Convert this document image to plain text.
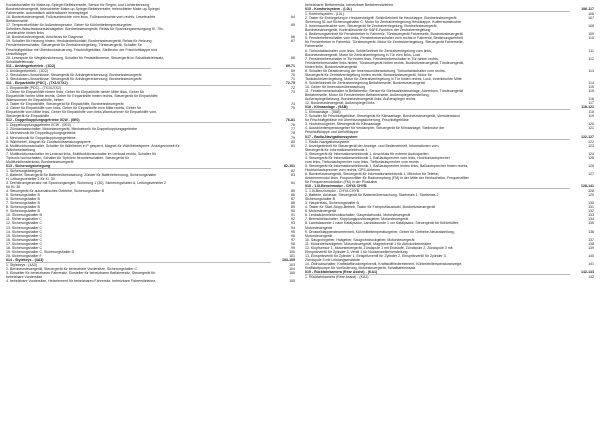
Kontaktschalter für Make-up-Spiegel Beifahrerseite, Sensor für Regen- und Lichterkennung
Bordnetzsteuergerät, beleuchteter Make-up-Spiegel Beifahrerseite, beleuchteter Make-up-Spiegel
Fahrerseite, automatisch abblendbarer Innenspiegel
16. Bordnetzsteuergerät, Fußraumleuchte vorn links, Fußraumleuchte vorn rechts, Leseleuchte	64
Beifahrerseite
17. Temperaturfühler für Außentemperatur, Geber für Kühlmitteltemperaturgeber,	65
Scheiben-Waschwasserstandsgeber, Bordnetzsteuergerät, Relais für Spannungsversorgung Kl. 75x,
Leseleuchte hinten links
18. Bordnetzsteuergerät, Anschluss für Diagnose	66
19. Schalter für Heizung hinten, Heckdeckelkontakt, Bordnetzsteuergerät, Relais für Heizung,	67
Fensterheberschalter, Steuergerät für Zentralverriegelung, Türsteuergerät, Schalter für
Frischluftgebläse mit Überdrucksteuerung, Frischluftgebläse, Stellmotor der Frischluftklappe und
Umluftklappe
20. Lesespule für Wegfahrsicherung, Schalter für Feststellbremse, Steuergerät im Schalttafeleinsatz,	68
Schalttafeleinsatz
011 - Anhängerbetrieb - (1D2)	69-71
1. Anhängerbetrieb - (1D2)	69
2. Steckdosen-/Anschlüsse, Steuergerät für Anhängererkennung, Bordnetzsteuergerät	70
3. Steckdosen-/Anschlüsse, Steuergerät für Anhängererkennung, Bordnetzsteuergerät	71
011 - Einparkhilfe (PDC) - (7X1/U7X2)	72-75
1. Einparkhilfe (PDC) - (7X1/U7X2)	72
2. Geber für Einparkhilfe hinten links, Geber für Einparkhilfe hinten Mitte links, Geber für	73
Einparkhilfe hinten Mitte rechts, Geber für Einparkhilfe hinten rechts, Steuergerät für Einparkhilfe,
Warnsummer für Einparkhilfe, hinten
3. Taster für Einparkhilfe, Steuergerät für Einparkhilfe, Bordnetzsteuergerät	74
4. Geber für Einparkhilfe vorn links, Geber für Einparkhilfe vorn Mitte rechts, Geber für	75
Einparkhilfe vorn Mitte links, Geber für Einparkhilfe vorn links,Warnsummer für Einparkhilfe vorn,
Steuergerät für Einparkhilfe
012 - Doppelkupplungsgetriebe 0CW - (0E0)	76-81
1. Doppelkupplungsgetriebe 0CW - (0E0)	76
2. Zündanlassschalter, Motorsteuergerät, Mechatronik für Doppelkupplungsgetriebe	77
3. Mechatronik für Doppelkupplungsgetriebe	78
4. Mechatronik für Doppelkupplungsgetriebe	79
5. Wählhebel, Magnet für Zündschlüsselabzugssperre	80
6. Multifunktionsschalter, Schalter für Wählhebel in P gesperrt, Magnet für Wählhebelsperre, Anzeigeeinheit für	81
Wählhebelstellung
7. Multifunktionsschalter im Lenkrad links, Multifunktionsschalter im Lenkrad rechts, Schalter für
Tiptronic hochschalten, Schalter für Tiptronic herunterschalten, Steuergerät für
Multifunktionslenkrad, Bordnetzsteuergerät
013 - Sicherungsbelegung	82-101
1. Sicherungsbelegung	82
2. Batterie, Steuergerät für Batterieüberwachung, Zünder für Batterietrennung, Sicherungshalter	83
H, Leitungsverteiler 2 für Kl. 30
3. Drehstromgenerator mit Spannungsregler, Sicherung 1 (30), Sicherungshalter A, Leitungsverteiler 2	84
für Kl. 30
4. Steuergerät für automatisches Getriebe, Sicherungshalter B	85
5. Sicherungshalter B	86
6. Sicherungshalter B	87
7. Sicherungshalter B	88
8. Sicherungshalter B	89
9. Sicherungshalter B	90
10. Sicherungshalter B	91
11. Sicherungshalter C	92
12. Sicherungshalter C	93
13. Sicherungshalter C	94
14. Sicherungshalter C	95
15. Sicherungshalter C	96
16. Sicherungshalter C	97
17. Sicherungshalter C	98
18. Sicherungshalter C	99
19. Sicherungshalter C, Sicherungshalter D	100
20. Sicherungshalter F	101
014 - Stylekeys - (4A3)	103-105
1. Stylekeys - (4A3)	103
2. Bordnetzsteuergerät, Steuergerät für beheizbare Vordersitze, Sicherungshalter C	104
3. Einsteller für beheizbaren Fahrersitz, Einsteller für beheizbaren Beifahrersitz, Steuergerät für	105
beheizbare Vordersitze
4. beheizbare Vordersitze, Heizelement für beheizbaren Fahrersitz, beheizbare Fahrersitzlehne,	105
beheizbarer Beifahrersitz, beheizbare Beifahrersitzlehne
015 - Komfortsystem - (L0L)	106-117
1. Komfortsystem - (L0L)	106
2. Taster für Entriegelung in Heckdeckelgriff, Schließeinheit für Heckklappe, Bordnetzsteuergerät	107
Sicherung 51 auf Sicherungshalter C, Motor für Zentralverriegelung Heckklappe, Kofferraumleuchte
3. Innenraumleuchte vorn, Steuergerät für Zentralverriegelung, Bordnetzsteuergerät,	108
Bordnetzsteuergerät, Kontrollleuchte für SAFE-Funktion der Zentralverriegelung
4. Bedienungseinheit für Fensterheber in Fahrertür, Türsteuergerät Fahrerseite, Bordnetzsteuergerät	109
5. Fensterheberschalter vorn links, Fensterheberschalter vorn rechts in Fahrertür, Bedienungseinheit	110
für Fensterheber in Fahrertür, Türsteuergerät, Motor für Zentralverriegelung, Steuergerät Fahrerseite,
Fahrerseite
6. Türkontaktschalter vorn links, Schließeinheit für Zentralverriegelung vorn links,	111
Bordnetzsteuergerät, Motor für Zentralverriegelung in Tür vorn links, Lock
7. Fensterheberschalter in Tür hinten links, Fensterheberschalter in Tür hinten rechts,	112
Fensterheberschalter links hinten, Türsteuergerät hinten rechts, Bordnetzsteuergerät, Türsteuergerät,
hinten links, Bordnetzsteuergerät
8. Schalter für Deaktivierung der Innenraumüberwachung, Türkontaktschalter vorn rechts,	113
Steuergerät für Zentralverriegelung hinten rechts, Bordnetzsteuergerät, Motor für
Tankdeckelverriegelung, Motor für Zentralverriegelung in Tür hinten rechts, Lock, Innenleuchte Mitte
9. Schließeinheit für Zentralverriegelung Beifahrerseite, Bordnetzsteuergerät	114
10. Geber für Innenraumüberwachung	115
11. Fensterheberschalter in Beifahrertür, Sensor für Diebstahlwarnanlage, Alarmhorn, Türsteuergerät	115
Beifahrerseite, Motor für Fensterheber Beifahrerseite, Außenspiegelverstellung,
Außenspiegelheizung, Bordnetzsteuergerät links, Außenspiegel rechts	116
12. Bordnetzsteuergerät, Außenspiegel links	117
016 - Klimaanlage - (9AB)	118-121
1. Klimaanlage - (9AB)	118
2. Schalter für Frischluftgebläse, Steuergerät für Klimaanlage, Bordnetzsteuergerät, Vorwiderstand	119
für Frischluftgebläse mit Überhitzungssicherung, Frischluftgebläse
3. Hochdruckgeber, Steuergerät für Klimaanlage	120
4. Ausströmtemperaturgeber für Verdampfer, Steuergerät für Klimaanlage, Stellmotor der	121
Frischluftklappe und Umluftklappe
017 - Radio-Navigationssystem	122-127
1. Radio-Navigationssystem	122
2. Anzeigeeinheit für Steuergerät der Anzeige- und Bedieneinheit, Informationen vorn,	123
Steuergerät für Informationselektronik 1
3. Steuergerät für Informationselektronik 1, Anschluss für externe Audioquellen	124
4. Steuergerät für Informationselektronik 1, Baßlautsprecher vorn links, Hochtonlautsprecher	125
vorn links, Tieftonlautsprecher vorn links, Tieftonlautsprecher vorn rechts
5. Steuergerät für Informationselektronik 1, Baßlautsprecher hinten links, Baßlautsprecher hinten rechts,	126
Hochtonlautsprecher vorn rechts, GPS-Antenne
6. Bordnetzsteuergerät, Steuergerät für Informationselektronik 1, Mikrofon für Telefon,	127
Antennenmodul links, Frequenzfilter für Radioempfang (FM) in der Mitte der Heckscheibe, Frequenzfilter
für Frequenzmodulation (FM) in der Pluskabel
018 - 1.0l-Benzinmotor - CHYA CHYB	128-141
1. 1.0l-Benzinmotor - CHYA CHYB	128
2. Batterie, Anlasser, Steuergerät für Batterieüberwachung, Startrelais 1, Startrelais 2,	129
Sicherungshalter B
3. Hauptrelais, Sicherungshalter B	130
4. Taster für Start-Stopp-Betrieb, Taster für Fahrprofilauswahl, Bordnetzsteuergerät	131
5. Motorsteuergerät	132
6. Lenksäulenelektronikschalter, Gaspedalmodul, Motorsteuergerät	133
7. Bremslichtschalter, Kupplungspositionsgeber, Motorsteuergerät	134
8. Lambdasonde 1 nach Katalysator, Lambdasonde 1 vor Katalysator, Steuergerät für Kühlerlüfter,	135
Motorsteuergerät
9. Drosselklappensteuereinheit, Kühlmitteltemperaturgeber, Geber für Getriebe-Neutralstellung,	136
Motorsteuergerät
10. Saugrohrgeber, Hallgeber, Saugrohrdruckgeber, Motorsteuergerät	137
11. Motordrehzahlgeber, Motorsteuergerät, Magnetventil 1 für Aktivkohlebehälter	138
12. Klopfsensor 1, Motorsteuergerät, Zündspule 1 mit Endstufe, Zündspule 2, Zündspule 3 mit	139
Einspritzventil für Zylinder 3, Ventil 1 für Nockenwellenverstellung
13. Einspritzventil für Zylinder 1, Einspritzventil für Zylinder 2, Einspritzventil für Zylinder 3,	140
Zündspule 3 mit Leistungsendstufe
14. Öldruckschalter, Kraftstoffdruckregelventil, Kraftstoffförderelement, Kühlmitteltemperaturanzeige,	141
Kraftstoffpumpe für Vorförderung, Motorsteuergerät, Schalttafeleinsatz
019 - Rückfahrkamera (Rear Assist) - (KA1)	142-143
1. Rückfahrkamera (Rear Assist) - (KA1)	142
